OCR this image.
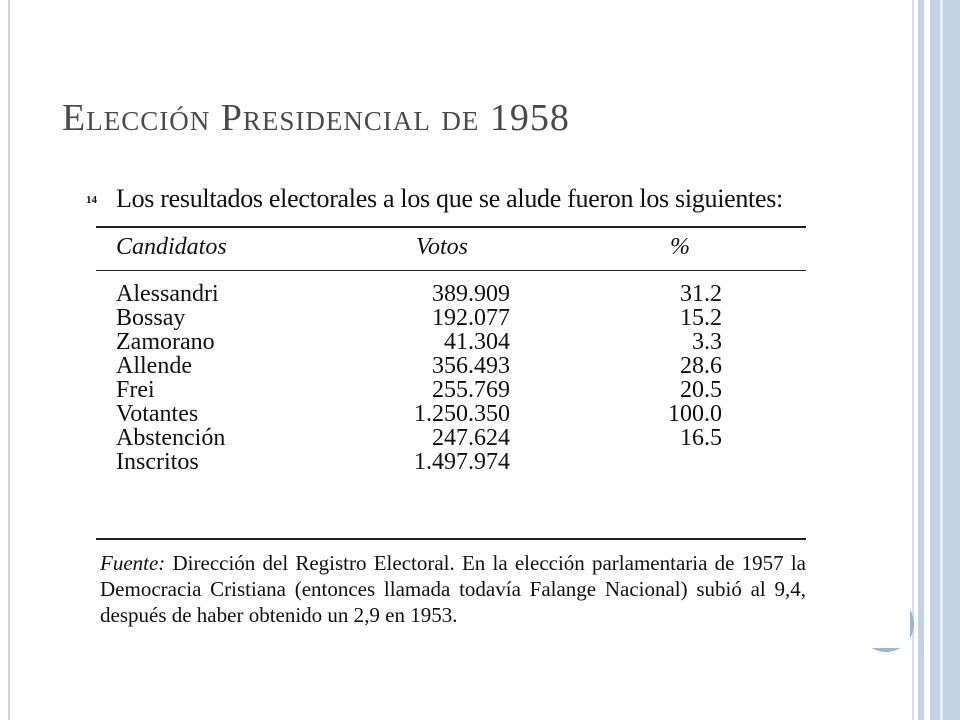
Elección Presidencial de 1958
14 Los resultados electorales a los que se alude fueron los siguientes:
Candidatos	Votos	%
Alessandri	389.909	31.2
Bossay	192.077	15.2
Zamorano	41.304	3.3
Allende	356.493	28.6
Frei	255.769	20.5
Votantes	1.250.350	100.0
Abstención	247.624	16.5
Inscritos	1.497.974
Fuente: Dirección del Registro Electoral. En la elección parlamentaria de 1957 la Democracia Cristiana (entonces llamada todavía Falange Nacional) subió al 9,4, después de haber obtenido un 2,9 en 1953.
